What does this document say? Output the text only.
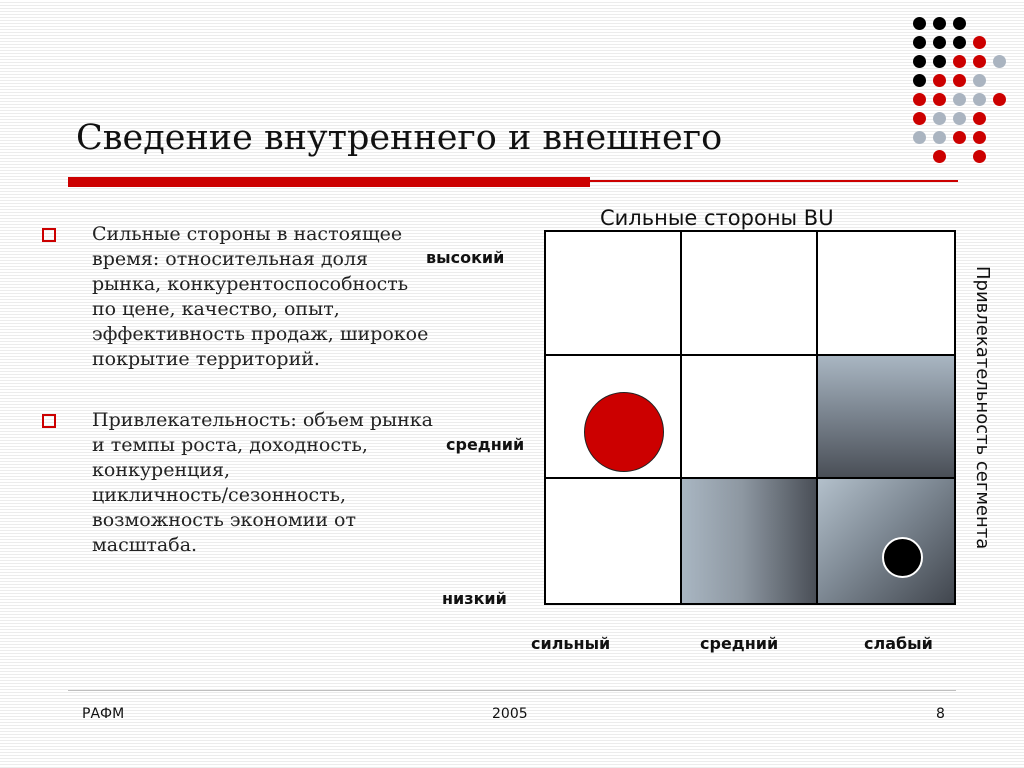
Сведение внутреннего и внешнего
Сильные стороны в настоящее
время: относительная доля
рынка, конкурентоспособность
по цене, качество, опыт,
эффективность продаж, широкое
покрытие территорий.
Привлекательность: объем рынка
и темпы роста, доходность,
конкуренция,
цикличность/сезонность,
возможность экономии от
масштаба.
Сильные стороны BU
высокий
средний
низкий
сильный	средний	слабый
Привлекательность сегмента
РАФМ	2005	8
